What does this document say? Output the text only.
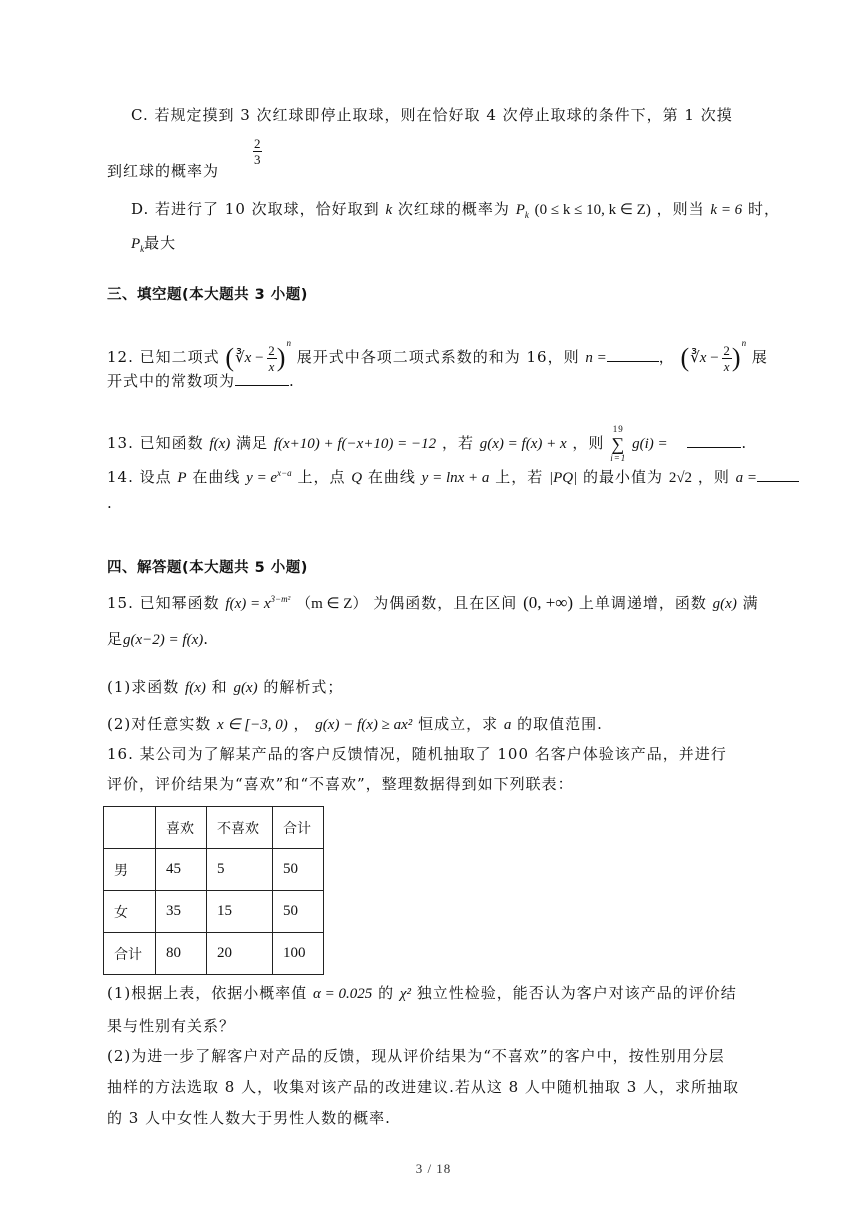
C. 若规定摸到 3 次红球即停止取球，则在恰好取 4 次停止取球的条件下，第 1 次摸
到红球的概率为
$\frac{2}{3}$
D. 若进行了 10 次取球，恰好取到 k 次红球的概率为 $P_k$ (0 ≤ k ≤ 10, k ∈ Z) ，则当 k = 6 时，
$P_k$最大
三、填空题(本大题共 3 小题)
12. 已知二项式 (∛x − $\frac{2}{x} )^n$ 展开式中各项二项式系数的和为 16，则 n =	， (∛x − $\frac{2}{x} )^n$ 展
开式中的常数项为	.
13. 已知函数 f(x) 满足 f(x+10) + f(−x+10) = −12 ，若 g(x) = f(x) + x ，则
19
∑
i=1
g(i) =	.
14. 设点 P 在曲线 $y = e^{x-a}$ 上，点 Q 在曲线 y = lnx + a 上，若 |PQ| 的最小值为 2√2 ，则 a =
.
四、解答题(本大题共 5 小题)
15. 已知幂函数 $f(x) = x^{3-m^2}$ （m ∈ Z） 为偶函数，且在区间 (0, +∞) 上单调递增，函数 g(x) 满
足g(x−2) = f(x).
(1)求函数 f(x) 和 g(x) 的解析式；
(2)对任意实数 x ∈ [−3, 0) ， g(x) − f(x) ≥ ax² 恒成立，求 a 的取值范围.
16. 某公司为了解某产品的客户反馈情况，随机抽取了 100 名客户体验该产品，并进行
评价，评价结果为“喜欢”和“不喜欢”，整理数据得到如下列联表：
	喜欢	不喜欢	合计
男	45	5	50
女	35	15	50
合计	80	20	100
(1)根据上表，依据小概率值 α = 0.025 的 χ² 独立性检验，能否认为客户对该产品的评价结
果与性别有关系？
(2)为进一步了解客户对产品的反馈，现从评价结果为“不喜欢”的客户中，按性别用分层
抽样的方法选取 8 人，收集对该产品的改进建议.若从这 8 人中随机抽取 3 人，求所抽取
的 3 人中女性人数大于男性人数的概率.
3 / 18
